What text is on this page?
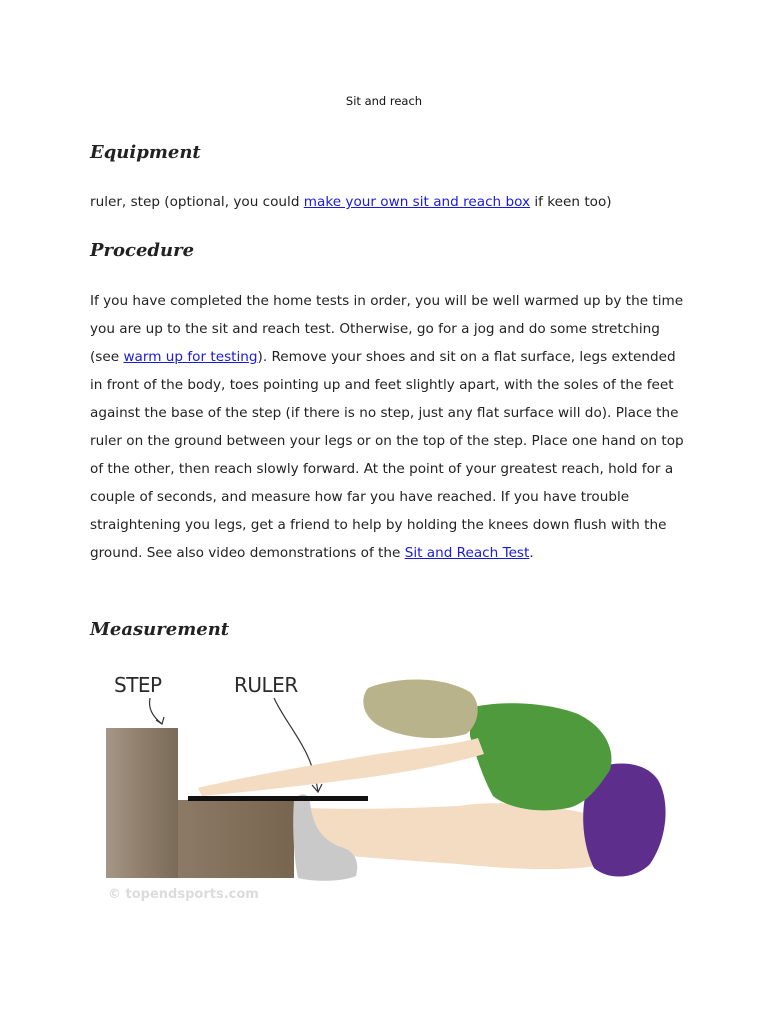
Sit and reach
Equipment

ruler, step (optional, you could make your own sit and reach box if keen too)

Procedure

If you have completed the home tests in order, you will be well warmed up by the time you are up to the sit and reach test. Otherwise, go for a jog and do some stretching (see warm up for testing). Remove your shoes and sit on a flat surface, legs extended in front of the body, toes pointing up and feet slightly apart, with the soles of the feet against the base of the step (if there is no step, just any flat surface will do). Place the ruler on the ground between your legs or on the top of the step. Place one hand on top of the other, then reach slowly forward. At the point of your greatest reach, hold for a couple of seconds, and measure how far you have reached. If you have trouble straightening you legs, get a friend to help by holding the knees down flush with the ground. See also video demonstrations of the Sit and Reach Test.

Measurement
STEP	RULER
© topendsports.com
